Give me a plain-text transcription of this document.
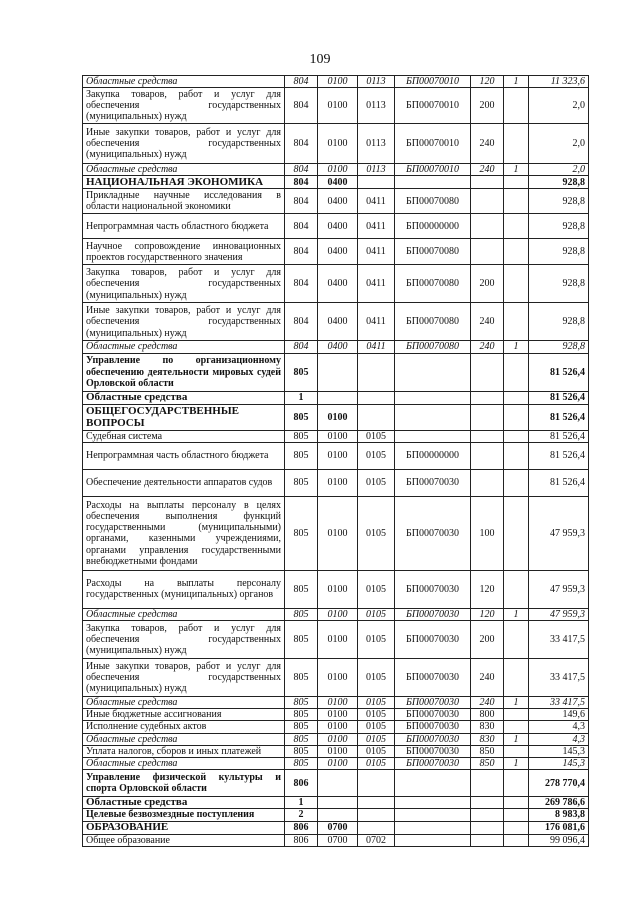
109
Областные средства	804	0100	0113	БП00070010	120	1	11 323,6
Закупка товаров, работ и услуг для обеспечения государственных (муниципальных) нужд	804	0100	0113	БП00070010	200		2,0
Иные закупки товаров, работ и услуг для обеспечения государственных (муниципальных) нужд	804	0100	0113	БП00070010	240		2,0
Областные средства	804	0100	0113	БП00070010	240	1	2,0
НАЦИОНАЛЬНАЯ ЭКОНОМИКА	804	0400					928,8
Прикладные научные исследования в области национальной экономики	804	0400	0411	БП00070080			928,8
Непрограммная часть областного бюджета	804	0400	0411	БП00000000			928,8
Научное сопровождение инновационных проектов государственного значения	804	0400	0411	БП00070080			928,8
Закупка товаров, работ и услуг для обеспечения государственных (муниципальных) нужд	804	0400	0411	БП00070080	200		928,8
Иные закупки товаров, работ и услуг для обеспечения государственных (муниципальных) нужд	804	0400	0411	БП00070080	240		928,8
Областные средства	804	0400	0411	БП00070080	240	1	928,8
Управление по организационному обеспечению деятельности мировых судей Орловской области	805						81 526,4
Областные средства	1						81 526,4
ОБЩЕГОСУДАРСТВЕННЫЕ ВОПРОСЫ	805	0100					81 526,4
Судебная система	805	0100	0105				81 526,4
Непрограммная часть областного бюджета	805	0100	0105	БП00000000			81 526,4
Обеспечение деятельности аппаратов судов	805	0100	0105	БП00070030			81 526,4
Расходы на выплаты персоналу в целях обеспечения выполнения функций государственными (муниципальными) органами, казенными учреждениями, органами управления государственными внебюджетными фондами	805	0100	0105	БП00070030	100		47 959,3
Расходы на выплаты персоналу государственных (муниципальных) органов	805	0100	0105	БП00070030	120		47 959,3
Областные средства	805	0100	0105	БП00070030	120	1	47 959,3
Закупка товаров, работ и услуг для обеспечения государственных (муниципальных) нужд	805	0100	0105	БП00070030	200		33 417,5
Иные закупки товаров, работ и услуг для обеспечения государственных (муниципальных) нужд	805	0100	0105	БП00070030	240		33 417,5
Областные средства	805	0100	0105	БП00070030	240	1	33 417,5
Иные бюджетные ассигнования	805	0100	0105	БП00070030	800		149,6
Исполнение судебных актов	805	0100	0105	БП00070030	830		4,3
Областные средства	805	0100	0105	БП00070030	830	1	4,3
Уплата налогов, сборов и иных платежей	805	0100	0105	БП00070030	850		145,3
Областные средства	805	0100	0105	БП00070030	850	1	145,3
Управление физической культуры и спорта Орловской области	806						278 770,4
Областные средства	1						269 786,6
Целевые безвозмездные поступления	2						8 983,8
ОБРАЗОВАНИЕ	806	0700					176 081,6
Общее образование	806	0700	0702				99 096,4
